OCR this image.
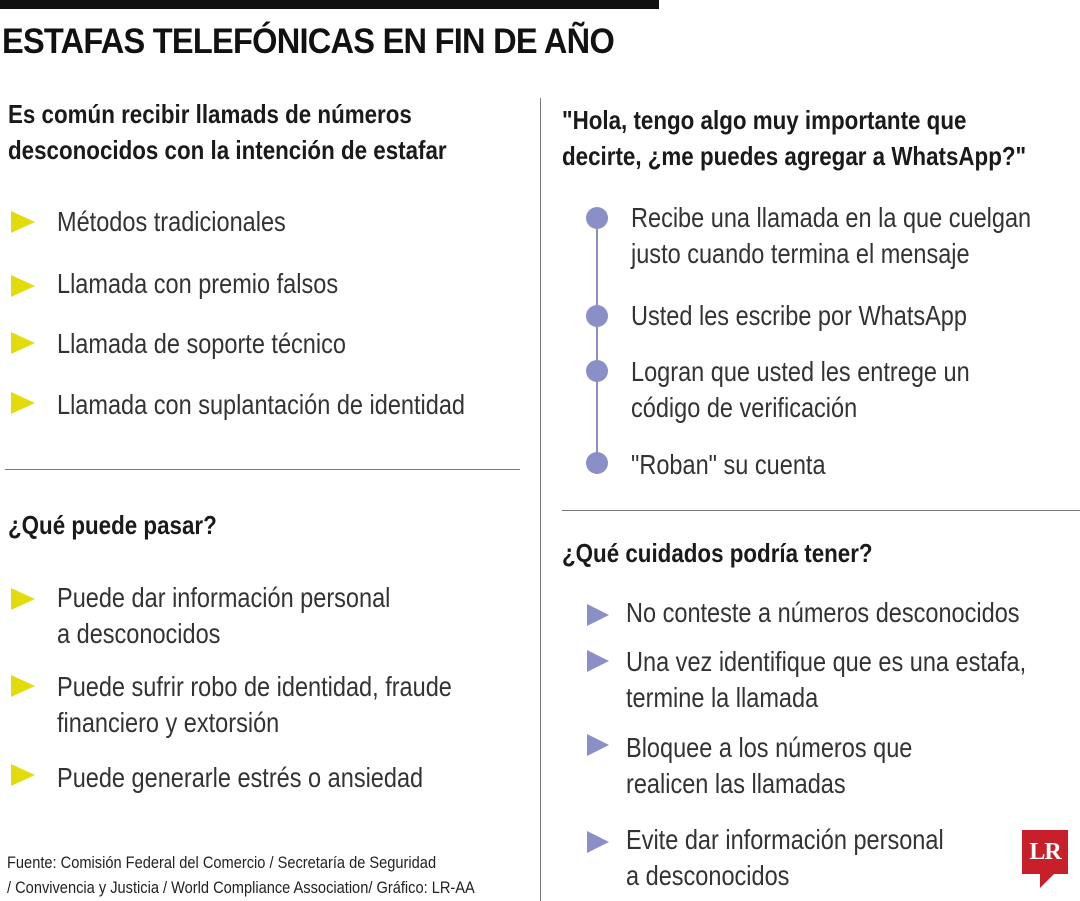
ESTAFAS TELEFÓNICAS EN FIN DE AÑO
Es común recibir llamads de números
desconocidos con la intención de estafar
Métodos tradicionales
Llamada con premio falsos
Llamada de soporte técnico
Llamada con suplantación de identidad
¿Qué puede pasar?
Puede dar información personal
a desconocidos
Puede sufrir robo de identidad, fraude
financiero y extorsión
Puede generarle estrés o ansiedad
Fuente: Comisión Federal del Comercio / Secretaría de Seguridad
/ Convivencia y Justicia / World Compliance Association/ Gráfico: LR-AA
"Hola, tengo algo muy importante que
decirte, ¿me puedes agregar a WhatsApp?"
Recibe una llamada en la que cuelgan
justo cuando termina el mensaje
Usted les escribe por WhatsApp
Logran que usted les entrege un
código de verificación
"Roban" su cuenta
¿Qué cuidados podría tener?
No conteste a números desconocidos
Una vez identifique que es una estafa,
termine la llamada
Bloquee a los números que
realicen las llamadas
Evite dar información personal
a desconocidos
LR
